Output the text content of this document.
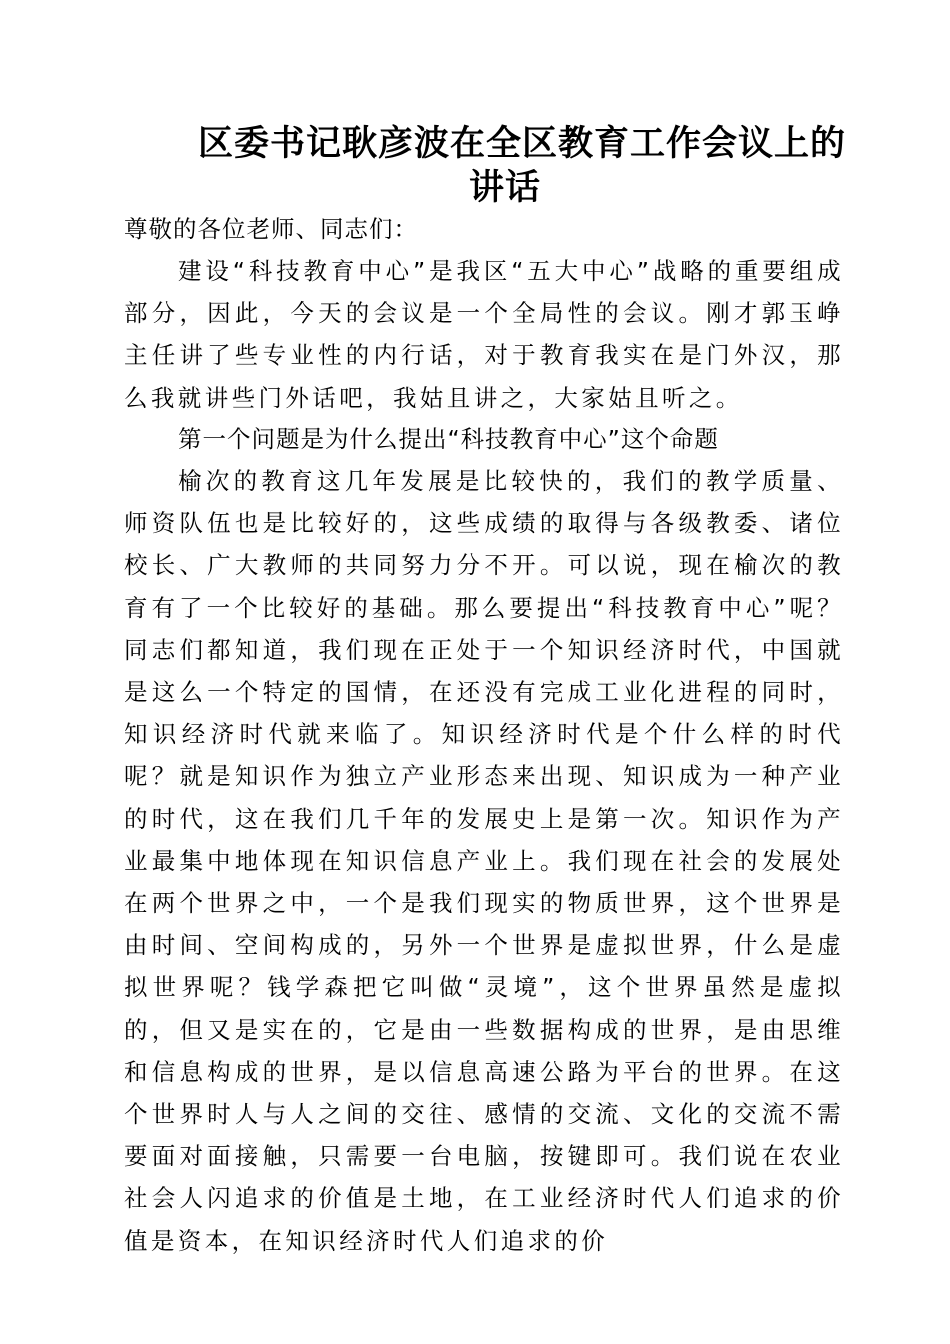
区委书记耿彦波在全区教育工作会议上的
讲话
尊敬的各位老师、同志们：
建设“科技教育中心”是我区“五大中心”战略的重要组成部分，因此，今天的会议是一个全局性的会议。刚才郭玉峥主任讲了些专业性的内行话，对于教育我实在是门外汉，那么我就讲些门外话吧，我姑且讲之，大家姑且听之。
第一个问题是为什么提出“科技教育中心”这个命题
榆次的教育这几年发展是比较快的，我们的教学质量、师资队伍也是比较好的，这些成绩的取得与各级教委、诸位校长、广大教师的共同努力分不开。可以说，现在榆次的教育有了一个比较好的基础。那么要提出“科技教育中心”呢？同志们都知道，我们现在正处于一个知识经济时代，中国就是这么一个特定的国情，在还没有完成工业化进程的同时，知识经济时代就来临了。知识经济时代是个什么样的时代呢？就是知识作为独立产业形态来出现、知识成为一种产业的时代，这在我们几千年的发展史上是第一次。知识作为产业最集中地体现在知识信息产业上。我们现在社会的发展处在两个世界之中，一个是我们现实的物质世界，这个世界是由时间、空间构成的，另外一个世界是虚拟世界，什么是虚拟世界呢？钱学森把它叫做“灵境”，这个世界虽然是虚拟的，但又是实在的，它是由一些数据构成的世界，是由思维和信息构成的世界，是以信息高速公路为平台的世界。在这个世界时人与人之间的交往、感情的交流、文化的交流不需要面对面接触，只需要一台电脑，按键即可。我们说在农业社会人闪追求的价值是土地，在工业经济时代人们追求的价值是资本，在知识经济时代人们追求的价
